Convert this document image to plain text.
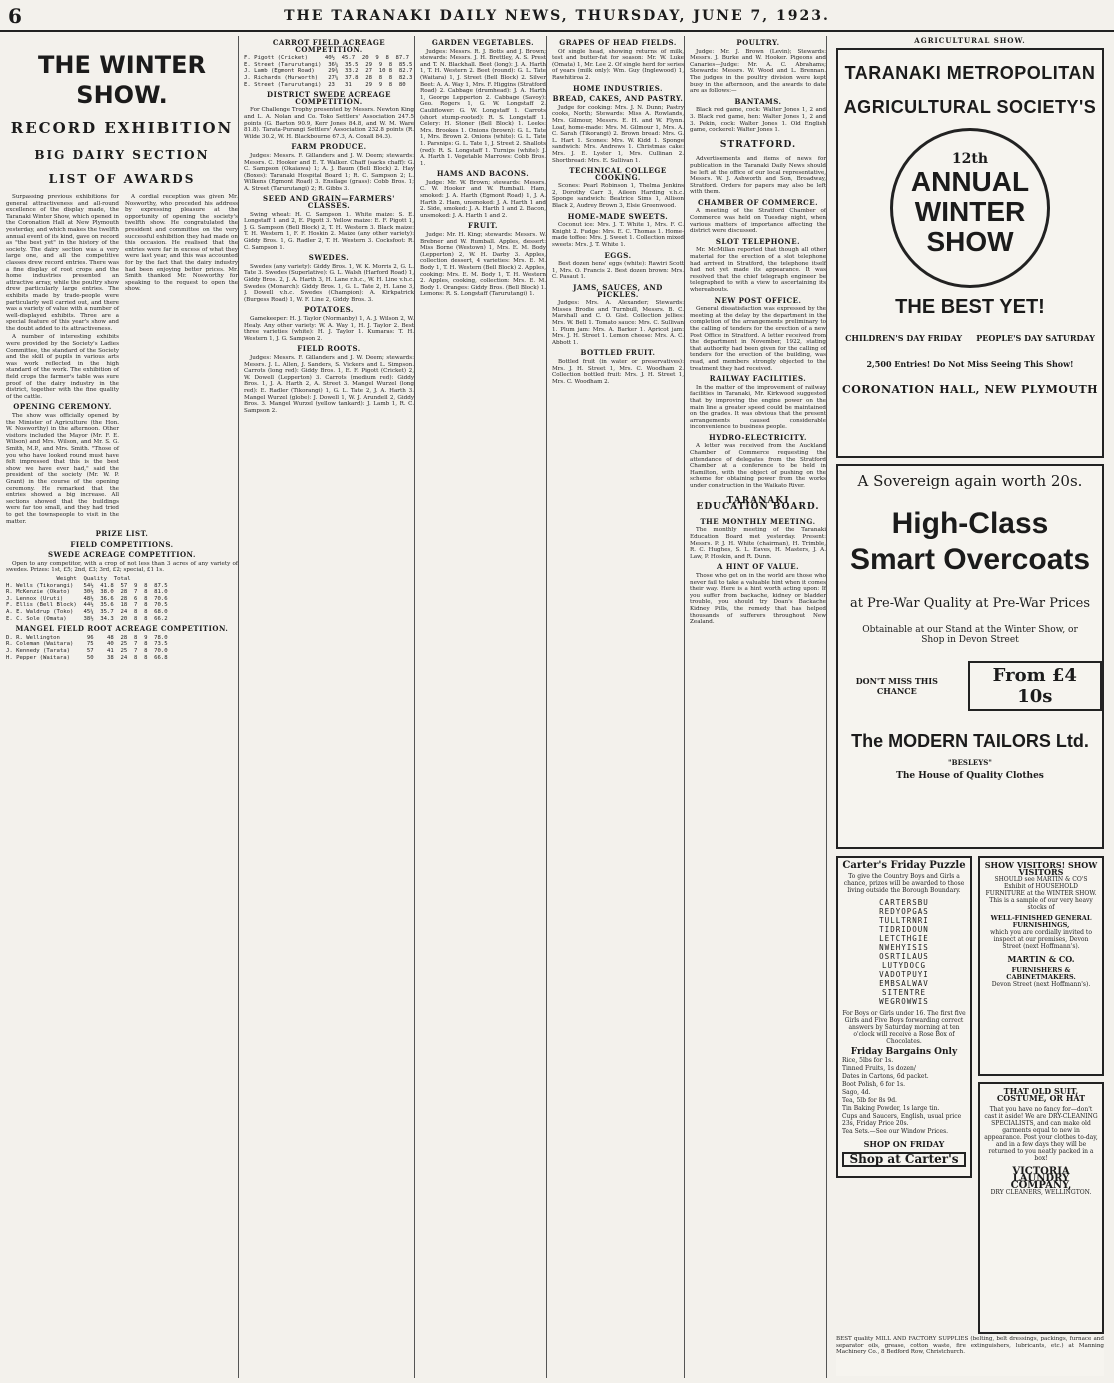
6	THE TARANAKI DAILY NEWS, THURSDAY, JUNE 7, 1923.
THE WINTER SHOW.
RECORD EXHIBITION
BIG DAIRY SECTION
LIST OF AWARDS

Surpassing previous exhibitions for general attractiveness and all-round excellence of the display made, the Taranaki Winter Show, which opened in the Coronation Hall at New Plymouth yesterday, and which makes the twelfth annual event of its kind, gave on record as "the best yet" in the history of the society. The dairy section was a very large one, and all the competitive classes drew record entries. There was a fine display of root crops and the home industries presented an attractive array, while the poultry show drew particularly large entries. The exhibits made by trade-people were particularly well carried out, and there was a variety of value with a number of well-displayed exhibits. Three are a special feature of this year's show and the doubt added to its attractiveness.

A number of interesting exhibits were provided by the Society's Ladies Committee, the standard of the Society and the skill of pupils in various arts was work reflected in the high standard of the work. The exhibition of field crops the farmer's table was sure proof of the dairy industry in the district, together with the fine quality of the cattle.

OPENING CEREMONY.

The show was officially opened by the Minister of Agriculture (the Hon. W. Nosworthy) in the afternoon. Other visitors included the Mayor (Mr. F. E. Wilson) and Mrs. Wilson, and Mr. S. G. Smith, M.P., and Mrs. Smith. "Those of you who have looked round must have felt impressed that this is the best show we have ever had," said the president of the society (Mr. W. P. Grant) in the course of the opening ceremony. He remarked that the entries showed a big increase. All sections showed that the buildings were far too small, and they had tried to get the townspeople to visit in the matter.

A cordial reception was given Mr. Nosworthy, who preceded his address by expressing pleasure at the opportunity of opening the society's twelfth show. He congratulated the president and committee on the very successful exhibition they had made on this occasion. He realised that the entries were far in excess of what they were last year, and this was accounted for by the fact that the dairy industry had been enjoying better prices. Mr. Smith thanked Mr. Nosworthy for speaking to the request to open the show.

PRIZE LIST.
FIELD COMPETITIONS.
SWEDE ACREAGE COMPETITION.

Open to any competitor, with a crop of not less than 3 acres of any variety of swedes. Prizes: 1st, £5; 2nd, £3; 3rd, £2; special, £1 1s.

Weight  Quality  Total
H. Wells (Tikorangi)   54½  41.8  57  9  8  87.5
R. McKenzie (Okato)    30½  38.0  28  7  8  81.0
J. Lennox (Uruti)      48½  36.6  28  6  8  70.6
F. Ellis (Bell Block)  44½  35.6  18  7  8  70.5
A. E. Waldrup (Toko)   45¼  35.7  24  8  8  68.0
E. C. Sole (Omata)     38½  34.3  20  8  8  66.2
MANGEL FIELD ROOT ACREAGE COMPETITION.
D. R. Wellington        96    48  28  8  9  78.0
R. Coleman (Waitara)    75    40  25  7  8  73.5
J. Kennedy (Tarata)     57    41  25  7  8  70.0
H. Pepper (Waitara)     50    38  24  8  8  66.8
CARROT FIELD ACREAGE COMPETITION.
F. Pigott (Cricket)     40½  45.7  20  9  8  87.7
E. Street (Tarurutangi)  36¼  35.5  29  9  8  85.5
J. Lamb (Egmont Road)    29¾  33.2  27  10 8  82.7
J. Richards (Hurworth)   27¼  37.8  28  8  8  82.3
E. Street (Tarurutangi)  23   31    29  9  8  80
DISTRICT SWEDE ACREAGE COMPETITION.

For Challenge Trophy presented by Messrs. Newton King and L. A. Nolan and Co. Toko Settlers' Association 247.5 points (G. Barton 90.9, Kerr Jones 84.8, and W. M. Ware 81.8). Tarata-Purangi Settlers' Association 232.8 points (R. Wilde 30.2, W. H. Blackbourne 67.3, A. Coxall 84.3).

FARM PRODUCE.

Judges: Messrs. F. Gillanders and J. W. Deem; stewards: Messrs. C. Hooker and E. T. Walker. Chaff (sacks chaff): G. C. Sampson (Okaiawa) 1; A. J. Baum (Bell Block) 2. Hay (Boxes): Taranaki Hospital Board 1; R. C. Sampson 2; L. Wilkens (Egmont Road) 3. Ensilage (grass): Cobb Bros. 1; A. Street (Tarurutangi) 2; R. Gibbs 3.

SEED AND GRAIN—FARMERS' CLASSES.

Swing wheat: H. C. Sampson 1. White maize: S. E. Longstaff 1 and 2, E. Pigott 3. Yellow maize: E. F. Pigott 1, J. G. Sampson (Bell Block) 2, T. H. Western 3. Black maize: T. H. Western 1, F. F. Hoskin 2. Maize (any other variety): Giddy Bros. 1, G. Radler 2, T. H. Western 3. Cocksfoot: R. C. Sampson 1.

SWEDES.

Swedes (any variety): Giddy Bros. 1, W. K. Morris 2, G. L. Tate 3. Swedes (Superlative): G. L. Walsh (Harford Road) 1, Giddy Bros. 2, J. A. Harth 3, H. Lane r.h.c., W. H. Line v.h.c. Swedes (Monarch): Giddy Bros. 1, G. L. Tate 2, H. Lane 3, J. Dowell v.h.c. Swedes (Champion): A. Kirkpatrick (Burgess Road) 1, W. F. Line 2, Giddy Bros. 3.

POTATOES.

Gamekeeper: H. J. Taylor (Normanby) 1, A. J. Wilson 2, W. Healy. Any other variety: W. A. Way 1, H. J. Taylor 2. Best three varieties (white): H. J. Taylor 1. Kumaras: T. H. Western 1, J. G. Sampson 2.

FIELD ROOTS.

Judges: Messrs. F. Gillanders and J. W. Deem; stewards: Messrs. J. L. Allen, J. Sanders, S. Vickers and L. Simpson. Carrots (long red): Giddy Bros. 1, E. F. Pigott (Cricket) 2, W. Dowell (Lepperton) 3. Carrots (medium red): Giddy Bros. 1, J. A. Harth 2, A. Street 3. Mangel Wurzel (long red): E. Radler (Tikorangi) 1, G. L. Tate 2, J. A. Harth 3. Mangel Wurzel (globe): J. Dowell 1, W. J. Arundell 2, Giddy Bros. 3. Mangel Wurzel (yellow tankard): J. Lamb 1, R. C. Sampson 2.

GARDEN VEGETABLES.

Judges: Messrs. R. J. Botts and J. Brown; stewards: Messrs. J. H. Brettley, A. S. Prest and T. N. Blackhall. Beet (long): J. A. Harth 1, T. H. Western 2. Beet (round): G. L. Tate (Waitara) 1, J. Street (Bell Block) 2. Silver Beet: A. A. Way 1, Mrs. F. Higgins (Stratford Road) 2. Cabbage (drumhead): J. A. Harth 1, George Lepperton 2. Cabbage (Savoy): Geo. Rogers 1, G. W. Longstaff 2. Cauliflower: G. W. Longstaff 1. Carrots (short stump-rooted): R. S. Longstaff 1. Celery: H. Stoner (Bell Block) 1. Leeks: Mrs. Brookes 1. Onions (brown): G. L. Tate 1, Mrs. Brown 2. Onions (white): G. L. Tate 1. Parsnips: G. L. Tate 1, J. Street 2. Shallots (red): R. S. Longstaff 1. Turnips (white): J. A. Harth 1. Vegetable Marrows: Cobb Bros. 1.

HAMS AND BACONS.

Judge: Mr. W. Brown; stewards: Messrs. C. W. Hooker and W. Rumball. Ham, smoked: J. A. Harth (Egmont Road) 1, J. A. Harth 2. Ham, unsmoked: J. A. Harth 1 and 2. Side, smoked: J. A. Harth 1 and 2. Bacon, unsmoked: J. A. Harth 1 and 2.

FRUIT.

Judge: Mr. H. King; stewards: Messrs. W. Brebner and W. Rumball. Apples, dessert: Miss Borne (Westown) 1, Mrs. E. M. Body (Lepperton) 2, W. H. Darby 3. Apples, collection dessert, 4 varieties: Mrs. E. M. Body 1, T. H. Western (Bell Block) 2. Apples, cooking: Mrs. E. M. Body 1, T. H. Western 2. Apples, cooking, collection: Mrs. E. M. Body 1. Oranges: Giddy Bros. (Bell Block) 1. Lemons: R. S. Longstaff (Tarurutangi) 1.

GRAPES OF HEAD FIELDS.

Of single head, showing returns of milk, test and butter-fat for season: Mr. W. Luke (Omata) 1, Mr. Lee 2. Of single herd for series of years (milk only): Wm. Guy (Inglewood) 1, Rawhitiroa 2.

HOME INDUSTRIES.
BREAD, CAKES, AND PASTRY.

Judge for cooking: Mrs. J. N. Dunn; Pastry cooks, North; Stewards: Miss A. Rowlands, Mrs. Gilmour, Messrs. E. H. and W. Flynn. Loaf, home-made: Mrs. M. Gilmour 1, Mrs. A. C. Sarah (Tikorangi) 2. Brown bread: Mrs. G. L. Hart 1. Scones: Mrs. W. Kidd 1. Sponge sandwich: Mrs. Andrews 1. Christmas cake: Mrs. J. E. Lyster 1, Mrs. Cullinan 2. Shortbread: Mrs. E. Sullivan 1.

TECHNICAL COLLEGE COOKING.

Scones: Pearl Robinson 1, Thelma Jenkins 2, Dorothy Carr 3, Aileen Harding v.h.c. Sponge sandwich: Beatrice Sims 1, Allison Black 2, Audrey Brown 3, Elsie Greenwood.

HOME-MADE SWEETS.

Coconut ice: Mrs. J. T. White 1, Mrs. F. C. Knight 2. Fudge: Mrs. E. C. Thomas 1. Home-made toffee: Mrs. J. Sweet 1. Collection mixed sweets: Mrs. J. T. White 1.

EGGS.

Best dozen hens' eggs (white): Rawiri Scott 1, Mrs. O. Francis 2. Best dozen brown: Mrs. C. Pasaut 1.

JAMS, SAUCES, AND PICKLES.

Judges: Mrs. A. Alexander; Stewards: Misses Brodie and Turnbull, Messrs. B. C. Marshall and C. O. Gist. Collection jellies: Mrs. W. Bell 1. Tomato sauce: Mrs. C. Sullivan 1. Plum jam: Mrs. A. Barker 1. Apricot jam: Mrs. J. H. Street 1. Lemon cheese: Mrs. A. C. Abbott 1.

BOTTLED FRUIT.

Bottled fruit (in water or preservatives): Mrs. J. H. Street 1, Mrs. C. Woodham 2. Collection bottled fruit: Mrs. J. H. Street 1, Mrs. C. Woodham 2.

POULTRY.

Judge: Mr. J. Brown (Levin); Stewards: Messrs. J. Burke and W. Hooker. Pigeons and Canaries—Judge: Mr. A. C. Abrahams; Stewards: Messrs. W. Wood and L. Brennan. The judges in the poultry division were kept busy in the afternoon, and the awards to date are as follows:—

BANTAMS.

Black red game, cock: Walter Jones 1, 2 and 3. Black red game, hen: Walter Jones 1, 2 and 3. Pekin, cock: Walter Jones 1. Old English game, cockerel: Walter Jones 1.

STRATFORD.

Advertisements and items of news for publication in the Taranaki Daily News should be left at the office of our local representative, Messrs. W. J. Ashworth and Son, Broadway, Stratford. Orders for papers may also be left with them.

CHAMBER OF COMMERCE.

A meeting of the Stratford Chamber of Commerce was held on Tuesday night, when various matters of importance affecting the district were discussed.

SLOT TELEPHONE.

Mr. McMillan reported that though all other material for the erection of a slot telephone had arrived in Stratford, the telephone itself had not yet made its appearance. It was resolved that the chief telegraph engineer be telegraphed to with a view to ascertaining its whereabouts.

NEW POST OFFICE.

General dissatisfaction was expressed by the meeting at the delay by the department in the completion of the arrangements preliminary to the calling of tenders for the erection of a new Post Office in Stratford. A letter received from the department in November, 1922, stating that authority had been given for the calling of tenders for the erection of the building, was read, and members strongly objected to the treatment they had received.

RAILWAY FACILITIES.

In the matter of the improvement of railway facilities in Taranaki, Mr. Kirkwood suggested that by improving the engine power on the main line a greater speed could be maintained on the grades. It was obvious that the present arrangements caused considerable inconvenience to business people.

HYDRO-ELECTRICITY.

A letter was received from the Auckland Chamber of Commerce requesting the attendance of delegates from the Stratford Chamber at a conference to be held in Hamilton, with the object of pushing on the scheme for obtaining power from the works under construction in the Waikato River.

TARANAKI EDUCATION BOARD.
THE MONTHLY MEETING.

The monthly meeting of the Taranaki Education Board met yesterday. Present: Messrs. P. J. H. White (chairman), H. Trimble, R. C. Hughes, S. L. Eaves, H. Masters, J. A. Law, P. Hoskin, and R. Dunn.

A HINT OF VALUE.

Those who get on in the world are those who never fail to take a valuable hint when it comes their way. Here is a hint worth acting upon: If you suffer from backache, kidney or bladder trouble, you should try Doan's Backache Kidney Pills, the remedy that has helped thousands of sufferers throughout New Zealand.

AGRICULTURAL SHOW.
TARANAKI METROPOLITAN
AGRICULTURAL SOCIETY'S
12th
ANNUAL
WINTER
SHOW
THE BEST YET!
CHILDREN'S DAY FRIDAY PEOPLE'S DAY SATURDAY
2,500 Entries! Do Not Miss Seeing This Show!
CORONATION HALL, NEW PLYMOUTH
A Sovereign again worth 20s.
High-Class
Smart Overcoats
at Pre-War Quality at Pre-War Prices
Obtainable at our Stand at the Winter Show, or Shop in Devon Street
DON'T MISS THIS CHANCE
From £4 10s
The MODERN TAILORS Ltd.
"BESLEYS"
The House of Quality Clothes
Carter's Friday Puzzle
To give the Country Boys and Girls a chance, prizes will be awarded to those living outside the Borough Boundary.
CARTERSBU
REDYOPGAS
TULLTRNRI
TIDRIDOUN
LETCTHGIE
NWEHYISIS
OSRTILAUS
LUTYDOCG
VADOTPUYI
EMBSALWAV
SITENTRE
WEGROWWIS
For Boys or Girls under 16. The first five Girls and Five Boys forwarding correct answers by Saturday morning at ten o'clock will receive a Rose Box of Chocolates.
Friday Bargains Only
Rice, 5lbs for 1s.
Tinned Fruits, 1s dozen/
Dates in Cartons, 6d packet.
Boot Polish, 6 for 1s.
Sago, 4d.
Tea, 5lb for 8s 9d.
Tin Baking Powder, 1s large tin.
Cups and Saucers, English, usual price 23s, Friday Price 20s.
Tea Sets.—See our Window Prices.
SHOP ON FRIDAY
Shop at Carter's
SHOW VISITORS! SHOW VISITORS
SHOULD see MARTIN & CO'S Exhibit of HOUSEHOLD FURNITURE at the WINTER SHOW. This is a sample of our very heavy stocks of
WELL-FINISHED GENERAL FURNISHINGS,
which you are cordially invited to inspect at our premises, Devon Street (next Hoffmann's).
MARTIN & CO.
FURNISHERS & CABINETMAKERS.
Devon Street (next Hoffmann's).
THAT OLD SUIT, COSTUME, OR HAT
That you have no fancy for—don't cast it aside! We are DRY-CLEANING SPECIALISTS, and can make old garments equal to new in appearance. Post your clothes to-day, and in a few days they will be returned to you neatly packed in a box!
VICTORIA LAUNDRY COMPANY,
DRY CLEANERS, WELLINGTON.
BEST quality MILL AND FACTORY SUPPLIES (belting, belt dressings, packings, furnace and separator oils, grease, cotton waste, fire extinguishers, lubricants, etc.) at Manning Machinery Co., 8 Bedford Row, Christchurch.
